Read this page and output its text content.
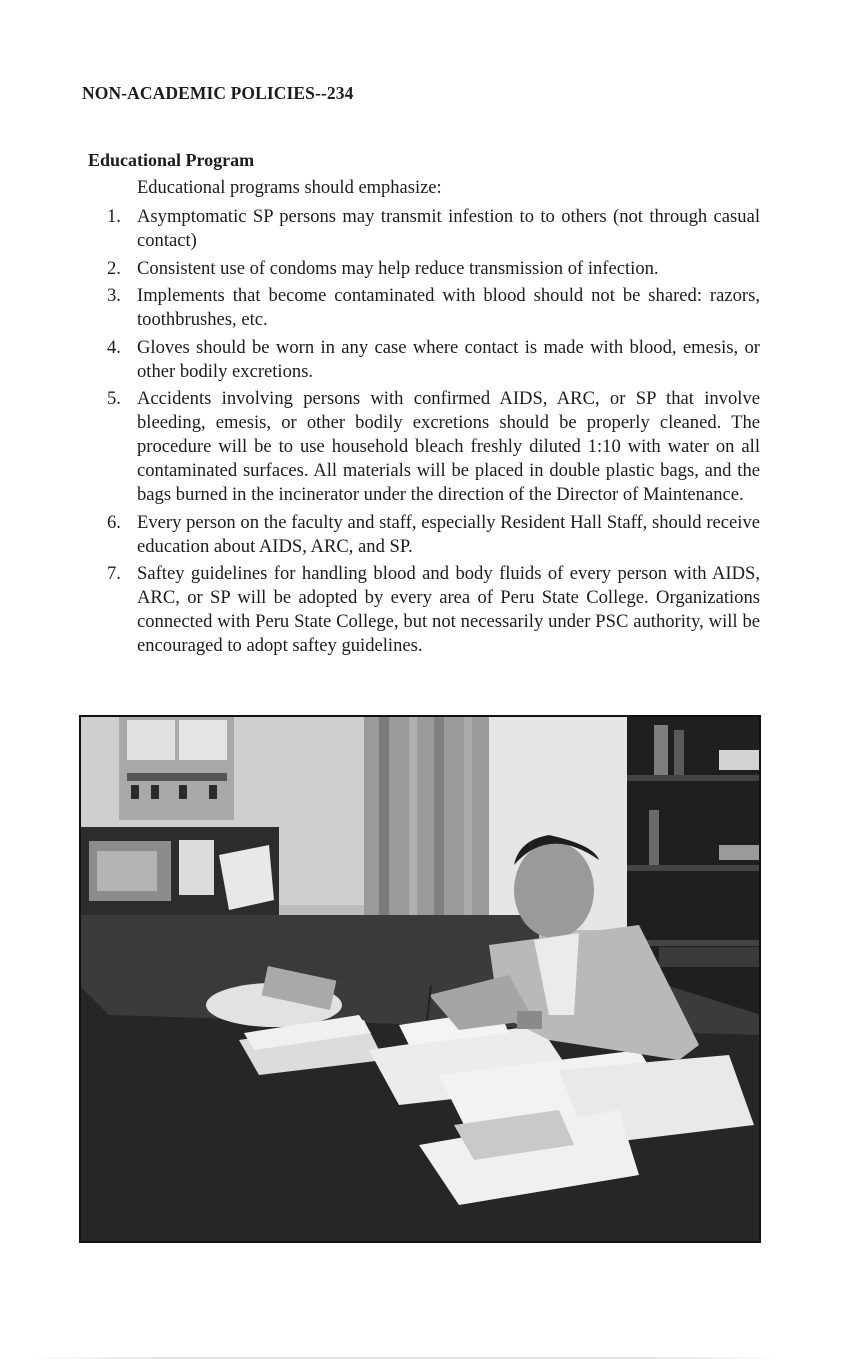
NON-ACADEMIC POLICIES--234
Educational Program

Educational programs should emphasize:

1. Asymptomatic SP persons may transmit infestion to to others (not through casual contact)
2. Consistent use of condoms may help reduce transmission of infection.
3. Implements that become contaminated with blood should not be shared: razors, toothbrushes, etc.
4. Gloves should be worn in any case where contact is made with blood, emesis, or other bodily excretions.
5. Accidents involving persons with confirmed AIDS, ARC, or SP that involve bleeding, emesis, or other bodily excretions should be properly cleaned. The procedure will be to use household bleach freshly diluted 1:10 with water on all contaminated surfaces. All materials will be placed in double plastic bags, and the bags burned in the incinerator under the direction of the Director of Maintenance.
6. Every person on the faculty and staff, especially Resident Hall Staff, should receive education about AIDS, ARC, and SP.
7. Saftey guidelines for handling blood and body fluids of every person with AIDS, ARC, or SP will be adopted by every area of Peru State College. Organizations connected with Peru State College, but not necessarily under PSC authority, will be encouraged to adopt saftey guidelines.
